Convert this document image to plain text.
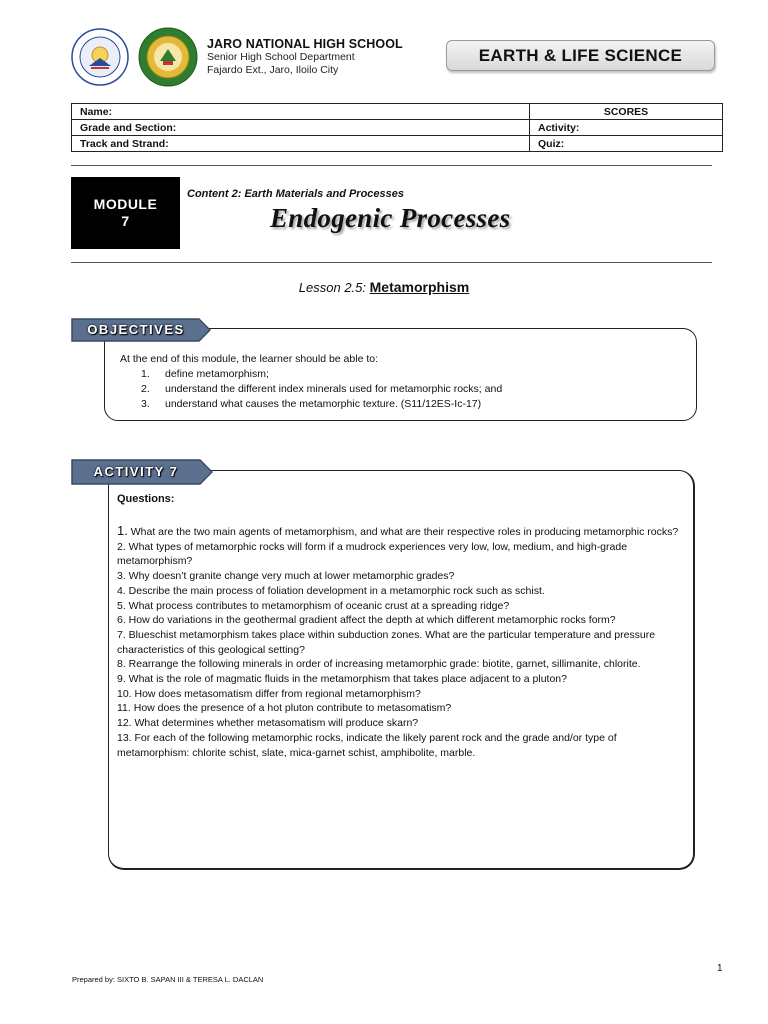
JARO NATIONAL HIGH SCHOOL
Senior High School Department
Fajardo Ext., Jaro, Iloilo City
EARTH & LIFE SCIENCE
Name:	SCORES
Grade and Section:	Activity:
Track and Strand:	Quiz:
MODULE
7
Content 2: Earth Materials and Processes
Endogenic Processes
Lesson 2.5: Metamorphism
OBJECTIVES
At the end of this module, the learner should be able to:
1. define metamorphism;
2. understand the different index minerals used for metamorphic rocks; and
3. understand what causes the metamorphic texture. (S11/12ES-Ic-17)
ACTIVITY 7
Questions:
1. What are the two main agents of metamorphism, and what are their respective roles in producing metamorphic rocks?
2. What types of metamorphic rocks will form if a mudrock experiences very low, low, medium, and high-grade metamorphism?
3. Why doesn’t granite change very much at lower metamorphic grades?
4. Describe the main process of foliation development in a metamorphic rock such as schist.
5. What process contributes to metamorphism of oceanic crust at a spreading ridge?
6. How do variations in the geothermal gradient affect the depth at which different metamorphic rocks form?
7. Blueschist metamorphism takes place within subduction zones. What are the particular temperature and pressure characteristics of this geological setting?
8. Rearrange the following minerals in order of increasing metamorphic grade: biotite, garnet, sillimanite, chlorite.
9. What is the role of magmatic fluids in the metamorphism that takes place adjacent to a pluton?
10. How does metasomatism differ from regional metamorphism?
11. How does the presence of a hot pluton contribute to metasomatism?
12. What determines whether metasomatism will produce skarn?
13. For each of the following metamorphic rocks, indicate the likely parent rock and the grade and/or type of metamorphism: chlorite schist, slate, mica-garnet schist, amphibolite, marble.
1
Prepared by: SIXTO B. SAPAN III & TERESA L. DACLAN
